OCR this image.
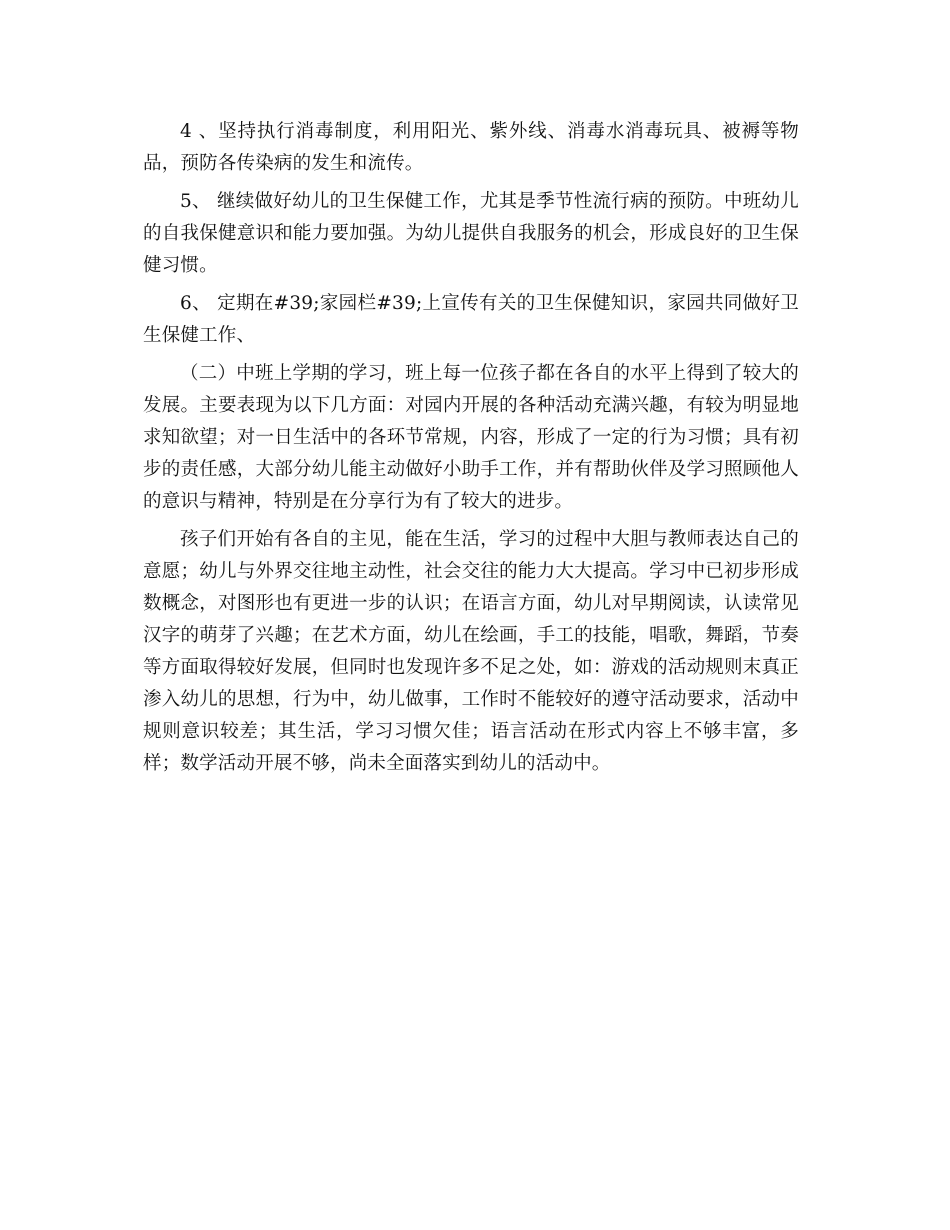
4 、坚持执行消毒制度，利用阳光、紫外线、消毒水消毒玩具、被褥等物品，预防各传染病的发生和流传。

5、 继续做好幼儿的卫生保健工作，尤其是季节性流行病的预防。中班幼儿的自我保健意识和能力要加强。为幼儿提供自我服务的机会，形成良好的卫生保健习惯。

6、 定期在#39;家园栏#39;上宣传有关的卫生保健知识，家园共同做好卫生保健工作、

（二）中班上学期的学习，班上每一位孩子都在各自的水平上得到了较大的发展。主要表现为以下几方面：对园内开展的各种活动充满兴趣，有较为明显地求知欲望；对一日生活中的各环节常规，内容，形成了一定的行为习惯；具有初步的责任感，大部分幼儿能主动做好小助手工作，并有帮助伙伴及学习照顾他人的意识与精神，特别是在分享行为有了较大的进步。

孩子们开始有各自的主见，能在生活，学习的过程中大胆与教师表达自己的意愿；幼儿与外界交往地主动性，社会交往的能力大大提高。学习中已初步形成数概念，对图形也有更进一步的认识；在语言方面，幼儿对早期阅读，认读常见汉字的萌芽了兴趣；在艺术方面，幼儿在绘画，手工的技能，唱歌，舞蹈，节奏等方面取得较好发展，但同时也发现许多不足之处，如：游戏的活动规则末真正渗入幼儿的思想，行为中，幼儿做事，工作时不能较好的遵守活动要求，活动中规则意识较差；其生活，学习习惯欠佳；语言活动在形式内容上不够丰富，多样；数学活动开展不够，尚未全面落实到幼儿的活动中。
